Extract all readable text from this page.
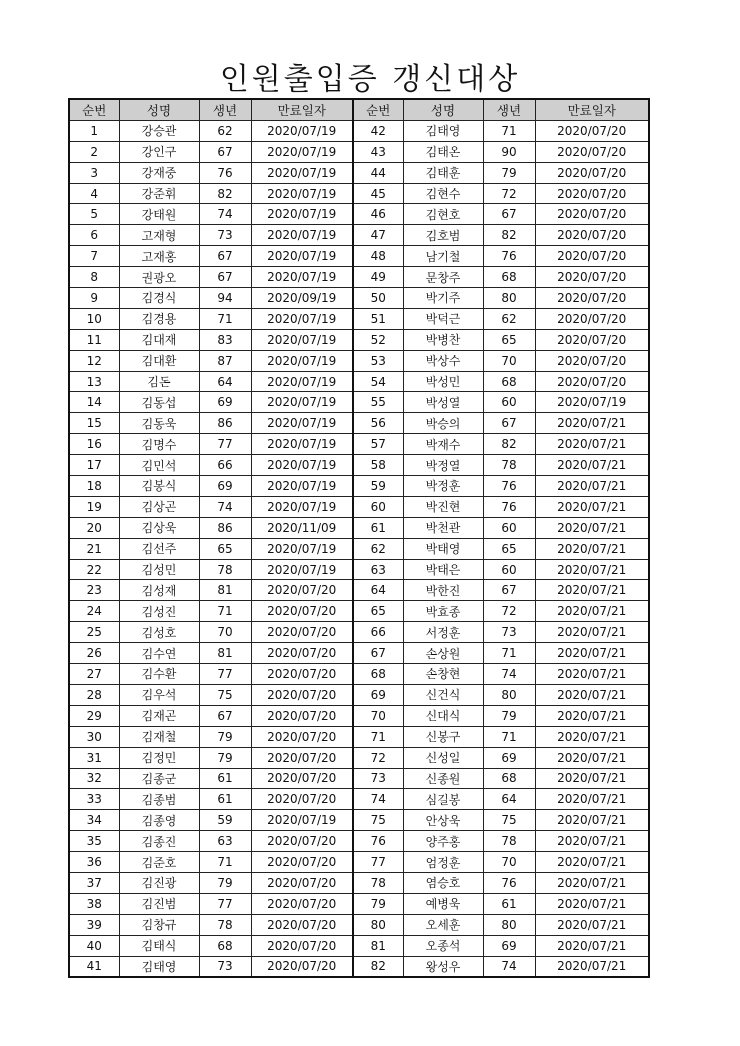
인원출입증 갱신대상
순번	성명	생년	만료일자	순번	성명	생년	만료일자
1	강승관	62	2020/07/19	42	김태영	71	2020/07/20
2	강인구	67	2020/07/19	43	김태온	90	2020/07/20
3	강재중	76	2020/07/19	44	김태훈	79	2020/07/20
4	강준휘	82	2020/07/19	45	김현수	72	2020/07/20
5	강태원	74	2020/07/19	46	김현호	67	2020/07/20
6	고재형	73	2020/07/19	47	김호범	82	2020/07/20
7	고재홍	67	2020/07/19	48	남기철	76	2020/07/20
8	권광오	67	2020/07/19	49	문창주	68	2020/07/20
9	김경식	94	2020/09/19	50	박기주	80	2020/07/20
10	김경용	71	2020/07/19	51	박덕근	62	2020/07/20
11	김대재	83	2020/07/19	52	박병찬	65	2020/07/20
12	김대환	87	2020/07/19	53	박상수	70	2020/07/20
13	김돈	64	2020/07/19	54	박성민	68	2020/07/20
14	김동섭	69	2020/07/19	55	박성열	60	2020/07/19
15	김동욱	86	2020/07/19	56	박승의	67	2020/07/21
16	김명수	77	2020/07/19	57	박재수	82	2020/07/21
17	김민석	66	2020/07/19	58	박정열	78	2020/07/21
18	김봉식	69	2020/07/19	59	박정훈	76	2020/07/21
19	김상곤	74	2020/07/19	60	박진현	76	2020/07/21
20	김상욱	86	2020/11/09	61	박천관	60	2020/07/21
21	김선주	65	2020/07/19	62	박태영	65	2020/07/21
22	김성민	78	2020/07/19	63	박태은	60	2020/07/21
23	김성재	81	2020/07/20	64	박한진	67	2020/07/21
24	김성진	71	2020/07/20	65	박효종	72	2020/07/21
25	김성호	70	2020/07/20	66	서정훈	73	2020/07/21
26	김수연	81	2020/07/20	67	손상원	71	2020/07/21
27	김수환	77	2020/07/20	68	손창현	74	2020/07/21
28	김우석	75	2020/07/20	69	신건식	80	2020/07/21
29	김재곤	67	2020/07/20	70	신대식	79	2020/07/21
30	김재철	79	2020/07/20	71	신봉구	71	2020/07/21
31	김정민	79	2020/07/20	72	신성일	69	2020/07/21
32	김종군	61	2020/07/20	73	신종원	68	2020/07/21
33	김종범	61	2020/07/20	74	심길봉	64	2020/07/21
34	김종영	59	2020/07/19	75	안상욱	75	2020/07/21
35	김종진	63	2020/07/20	76	양주홍	78	2020/07/21
36	김준호	71	2020/07/20	77	엄정훈	70	2020/07/21
37	김진광	79	2020/07/20	78	염승호	76	2020/07/21
38	김진범	77	2020/07/20	79	예병욱	61	2020/07/21
39	김창규	78	2020/07/20	80	오세훈	80	2020/07/21
40	김태식	68	2020/07/20	81	오종석	69	2020/07/21
41	김태영	73	2020/07/20	82	왕성우	74	2020/07/21
